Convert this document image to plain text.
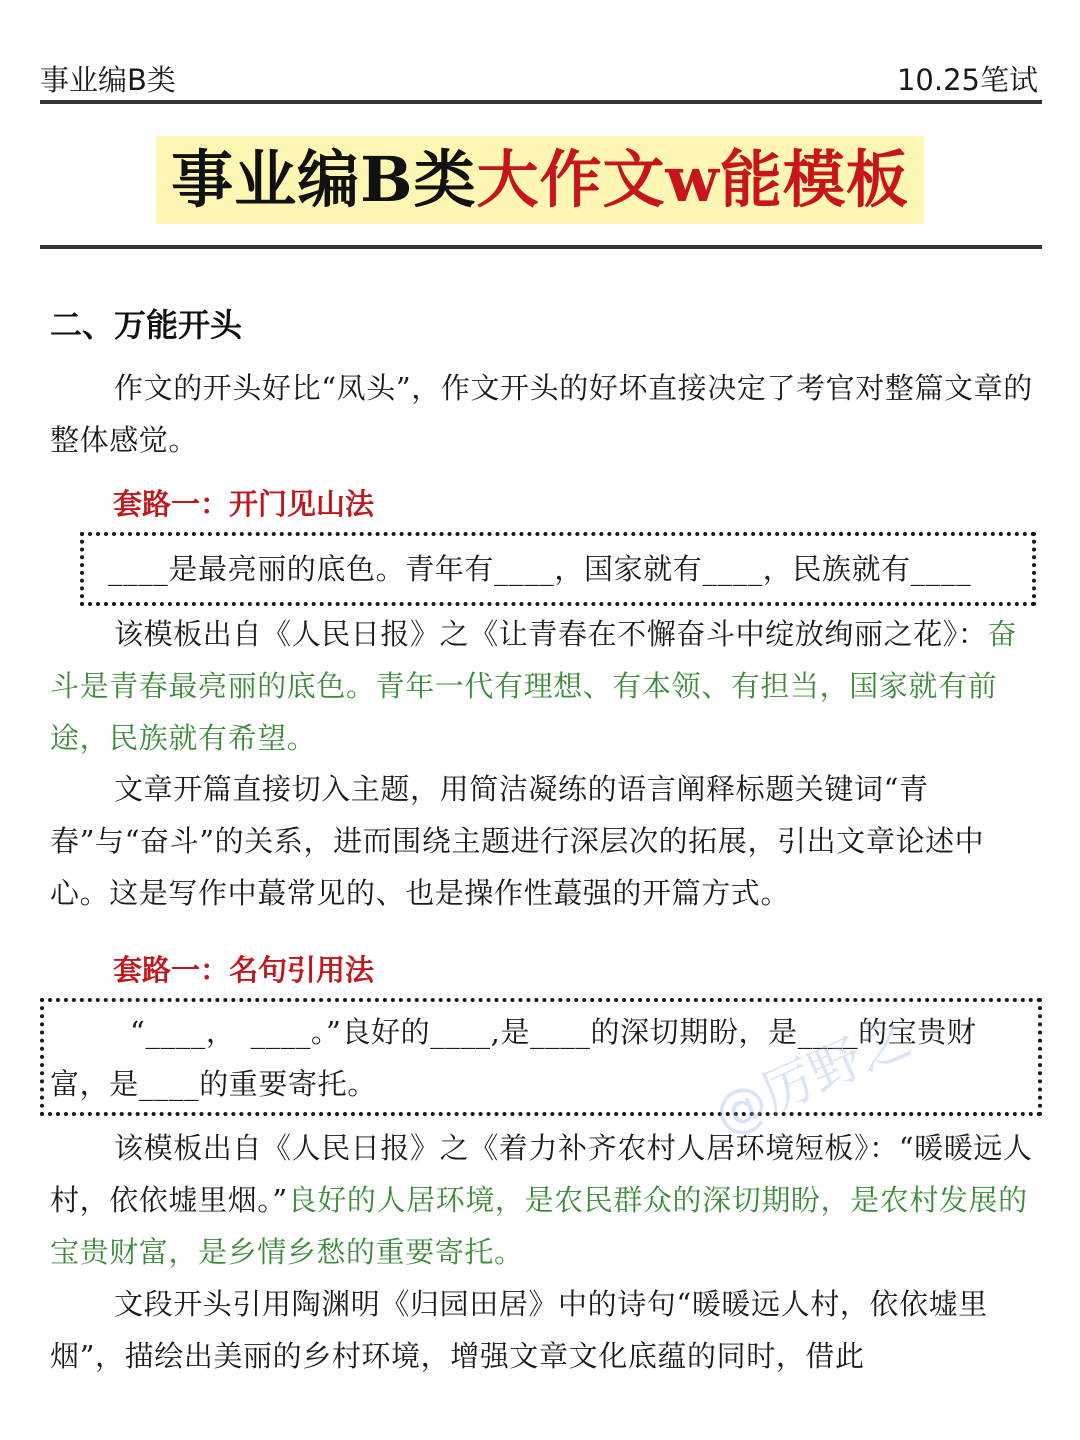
事业编B类	10.25笔试
事业编B类大作文w能模板
二、万能开头

作文的开头好比“凤头”，作文开头的好坏直接决定了考官对整篇文章的整体感觉。

套路一：开门见山法

____是最亮丽的底色。青年有____，国家就有____，民族就有____

该模板出自《人民日报》之《让青春在不懈奋斗中绽放绚丽之花》：奋斗是青春最亮丽的底色。青年一代有理想、有本领、有担当，国家就有前途，民族就有希望。

文章开篇直接切入主题，用简洁凝练的语言阐释标题关键词“青春”与“奋斗”的关系，进而围绕主题进行深层次的拓展，引出文章论述中心。这是写作中蕞常见的、也是操作性蕞强的开篇方式。

套路一：名句引用法

“____，　____。”良好的____,是____的深切期盼，是____的宝贵财富，是____的重要寄托。

该模板出自《人民日报》之《着力补齐农村人居环境短板》：“暖暖远人村，依依墟里烟。”良好的人居环境，是农民群众的深切期盼，是农村发展的宝贵财富，是乡情乡愁的重要寄托。

文段开头引用陶渊明《归园田居》中的诗句“暖暖远人村，依依墟里烟”，描绘出美丽的乡村环境，增强文章文化底蕴的同时，借此

@厉野之
